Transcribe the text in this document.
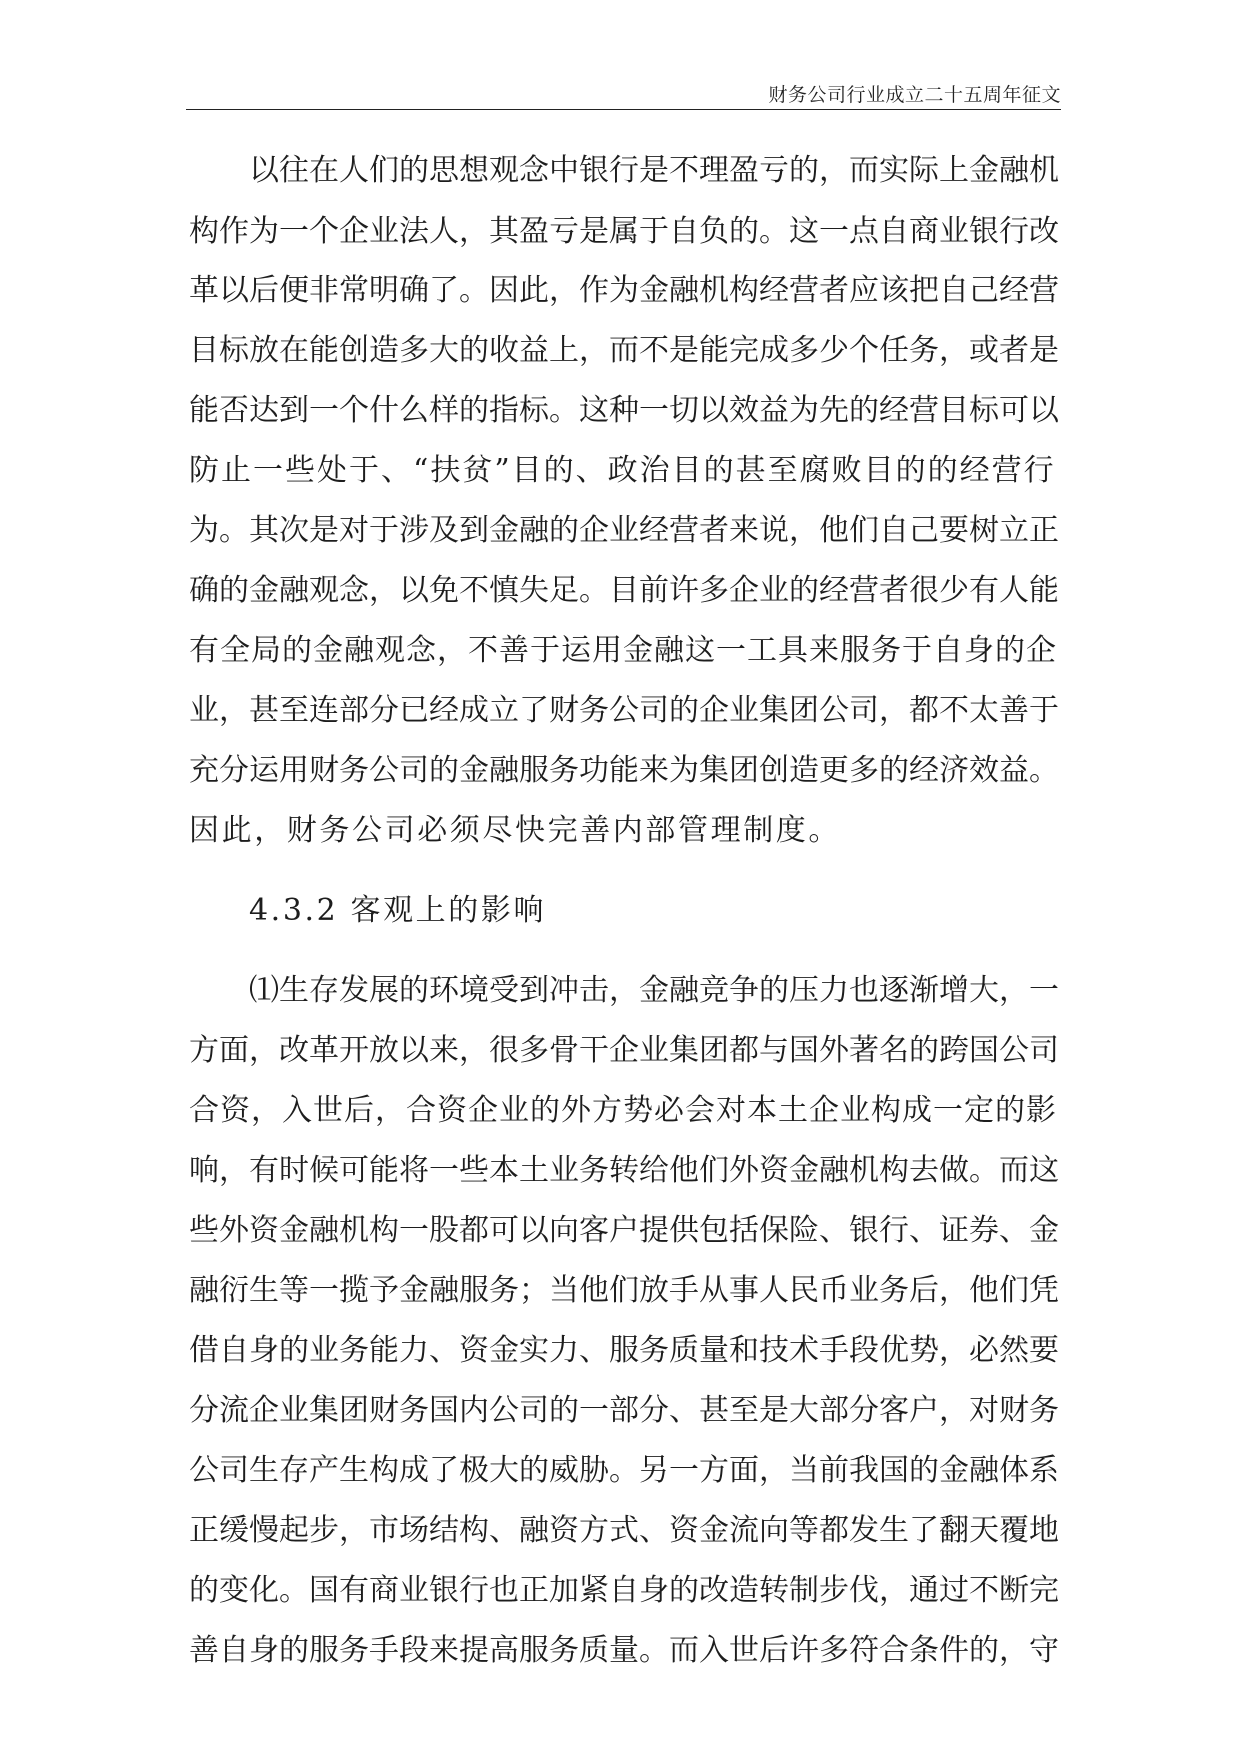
财务公司行业成立二十五周年征文
以往在人们的思想观念中银行是不理盈亏的，而实际上金融机
构作为一个企业法人，其盈亏是属于自负的。这一点自商业银行改
革以后便非常明确了。因此，作为金融机构经营者应该把自己经营
目标放在能创造多大的收益上，而不是能完成多少个任务，或者是
能否达到一个什么样的指标。这种一切以效益为先的经营目标可以
防止一些处于、“扶贫”目的、政治目的甚至腐败目的的经营行
为。其次是对于涉及到金融的企业经营者来说，他们自己要树立正
确的金融观念，以免不慎失足。目前许多企业的经营者很少有人能
有全局的金融观念，不善于运用金融这一工具来服务于自身的企
业，甚至连部分已经成立了财务公司的企业集团公司，都不太善于
充分运用财务公司的金融服务功能来为集团创造更多的经济效益。
因此，财务公司必须尽快完善内部管理制度。
4.3.2 客观上的影响
⑴生存发展的环境受到冲击，金融竞争的压力也逐渐增大，一
方面，改革开放以来，很多骨干企业集团都与国外著名的跨国公司
合资，入世后，合资企业的外方势必会对本土企业构成一定的影
响，有时候可能将一些本土业务转给他们外资金融机构去做。而这
些外资金融机构一股都可以向客户提供包括保险、银行、证券、金
融衍生等一揽予金融服务；当他们放手从事人民币业务后，他们凭
借自身的业务能力、资金实力、服务质量和技术手段优势，必然要
分流企业集团财务国内公司的一部分、甚至是大部分客户，对财务
公司生存产生构成了极大的威胁。另一方面，当前我国的金融体系
正缓慢起步，市场结构、融资方式、资金流向等都发生了翻天覆地
的变化。国有商业银行也正加紧自身的改造转制步伐，通过不断完
善自身的服务手段来提高服务质量。而入世后许多符合条件的，守
